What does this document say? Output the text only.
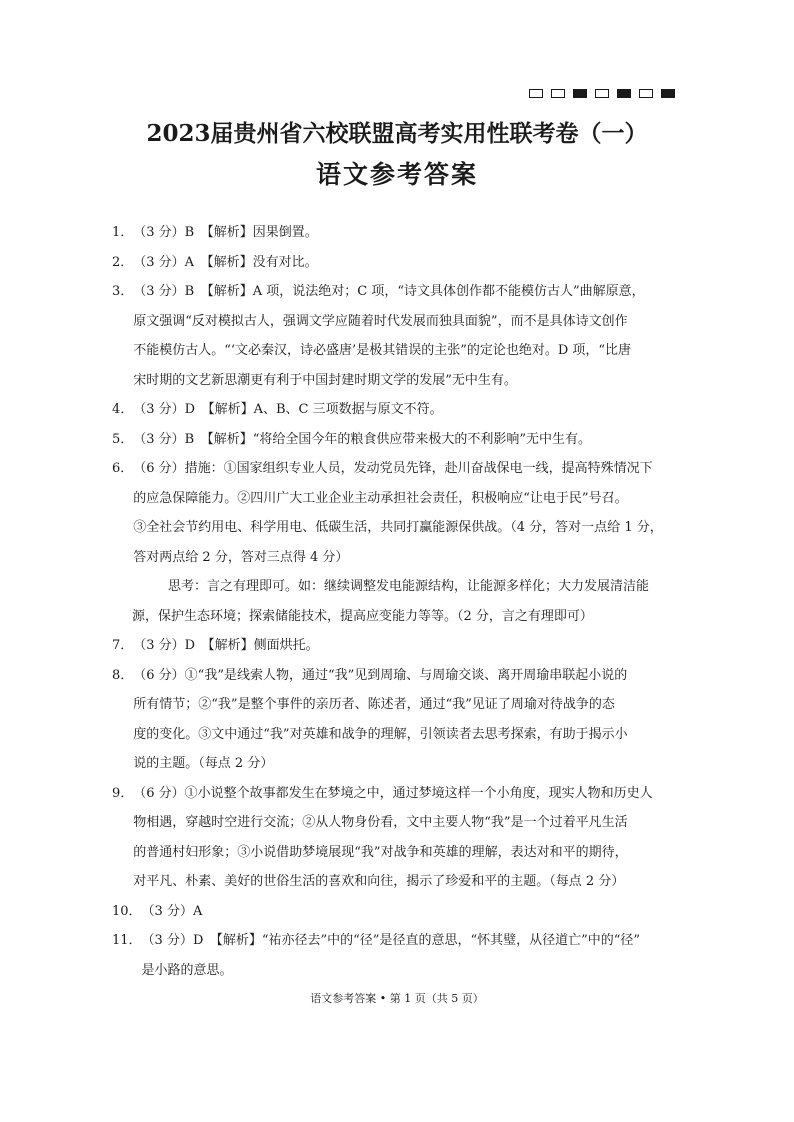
2023届贵州省六校联盟高考实用性联考卷（一）
语文参考答案
1． （3 分）B　【解析】因果倒置。
2． （3 分）A　【解析】没有对比。
3． （3 分）B　【解析】A 项，说法绝对；C 项，“诗文具体创作都不能模仿古人”曲解原意，
原文强调“反对模拟古人，强调文学应随着时代发展而独具面貌”，而不是具体诗文创作
不能模仿古人。“‘文必秦汉，诗必盛唐’是极其错误的主张”的定论也绝对。D 项，“比唐
宋时期的文艺新思潮更有利于中国封建时期文学的发展”无中生有。
4． （3 分）D　【解析】A、B、C 三项数据与原文不符。
5． （3 分）B　【解析】“将给全国今年的粮食供应带来极大的不利影响”无中生有。
6． （6 分）措施：①国家组织专业人员，发动党员先锋，赴川奋战保电一线，提高特殊情况下
的应急保障能力。②四川广大工业企业主动承担社会责任，积极响应“让电于民”号召。
③全社会节约用电、科学用电、低碳生活，共同打赢能源保供战。（4 分，答对一点给 1 分，
答对两点给 2 分，答对三点得 4 分）
思考：言之有理即可。如：继续调整发电能源结构，让能源多样化；大力发展清洁能
源，保护生态环境；探索储能技术，提高应变能力等等。（2 分，言之有理即可）
7． （3 分）D　【解析】侧面烘托。
8． （6 分）①“我”是线索人物，通过“我”见到周瑜、与周瑜交谈、离开周瑜串联起小说的
所有情节；②“我”是整个事件的亲历者、陈述者，通过“我”见证了周瑜对待战争的态
度的变化。③文中通过“我”对英雄和战争的理解，引领读者去思考探索，有助于揭示小
说的主题。（每点 2 分）
9． （6 分）①小说整个故事都发生在梦境之中，通过梦境这样一个小角度，现实人物和历史人
物相遇，穿越时空进行交流；②从人物身份看，文中主要人物“我”是一个过着平凡生活
的普通村妇形象；③小说借助梦境展现“我”对战争和英雄的理解，表达对和平的期待，
对平凡、朴素、美好的世俗生活的喜欢和向往，揭示了珍爱和平的主题。（每点 2 分）
10． （3 分）A
11． （3 分）D　【解析】“祐亦径去”中的“径”是径直的意思，“怀其璧，从径道亡”中的“径”
是小路的意思。
语文参考答案 • 第 1 页（共 5 页）
